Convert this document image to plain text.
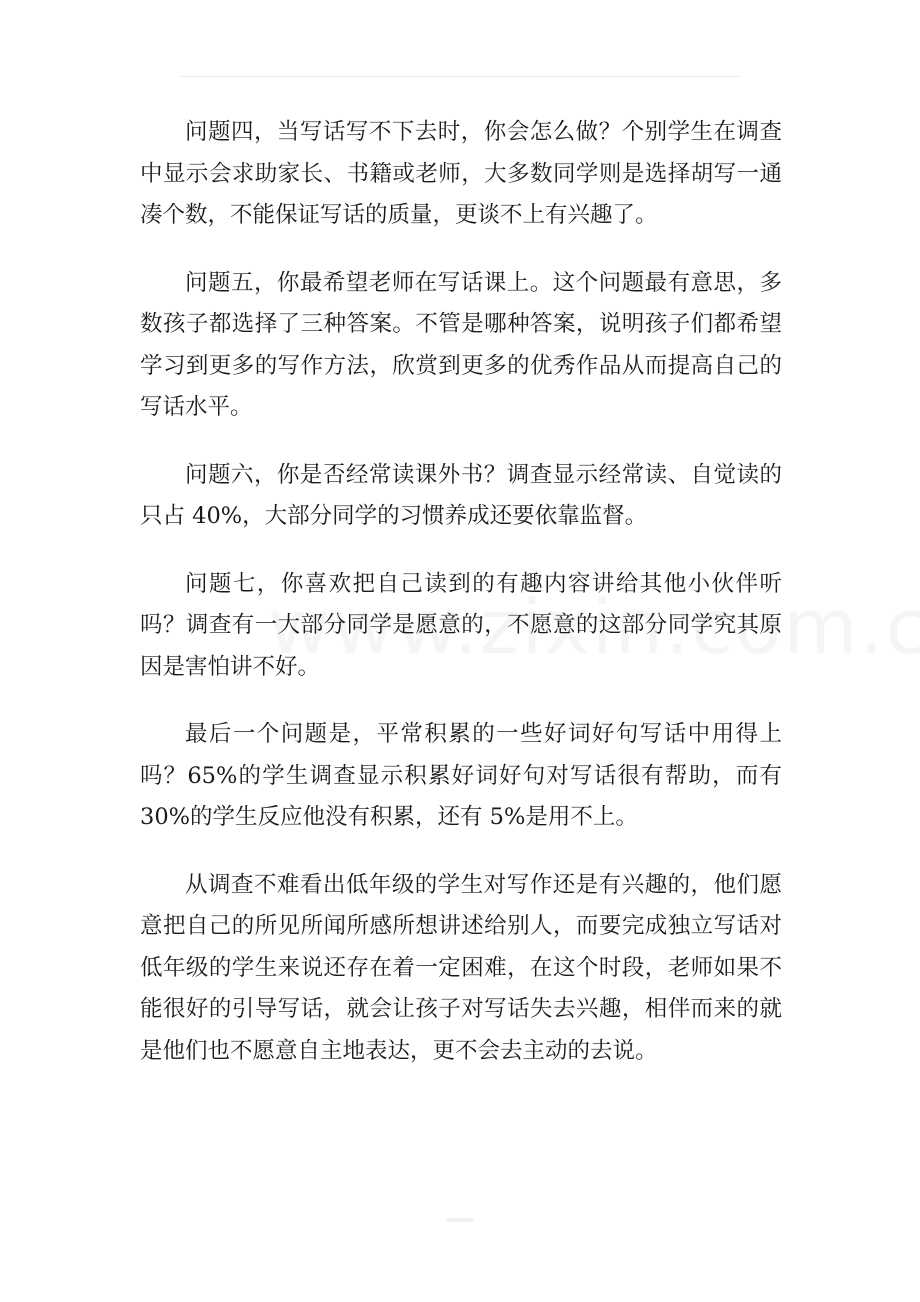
问题四，当写话写不下去时，你会怎么做？个别学生在调查中显示会求助家长、书籍或老师，大多数同学则是选择胡写一通凑个数，不能保证写话的质量，更谈不上有兴趣了。

问题五，你最希望老师在写话课上。这个问题最有意思，多数孩子都选择了三种答案。不管是哪种答案，说明孩子们都希望学习到更多的写作方法，欣赏到更多的优秀作品从而提高自己的写话水平。

问题六，你是否经常读课外书？调查显示经常读、自觉读的只占 40%，大部分同学的习惯养成还要依靠监督。

问题七，你喜欢把自己读到的有趣内容讲给其他小伙伴听吗？调查有一大部分同学是愿意的，不愿意的这部分同学究其原因是害怕讲不好。

最后一个问题是，平常积累的一些好词好句写话中用得上吗？65%的学生调查显示积累好词好句对写话很有帮助，而有 30%的学生反应他没有积累，还有 5%是用不上。

从调查不难看出低年级的学生对写作还是有兴趣的，他们愿意把自己的所见所闻所感所想讲述给别人，而要完成独立写话对低年级的学生来说还存在着一定困难，在这个时段，老师如果不能很好的引导写话，就会让孩子对写话失去兴趣，相伴而来的就是他们也不愿意自主地表达，更不会去主动的去说。
